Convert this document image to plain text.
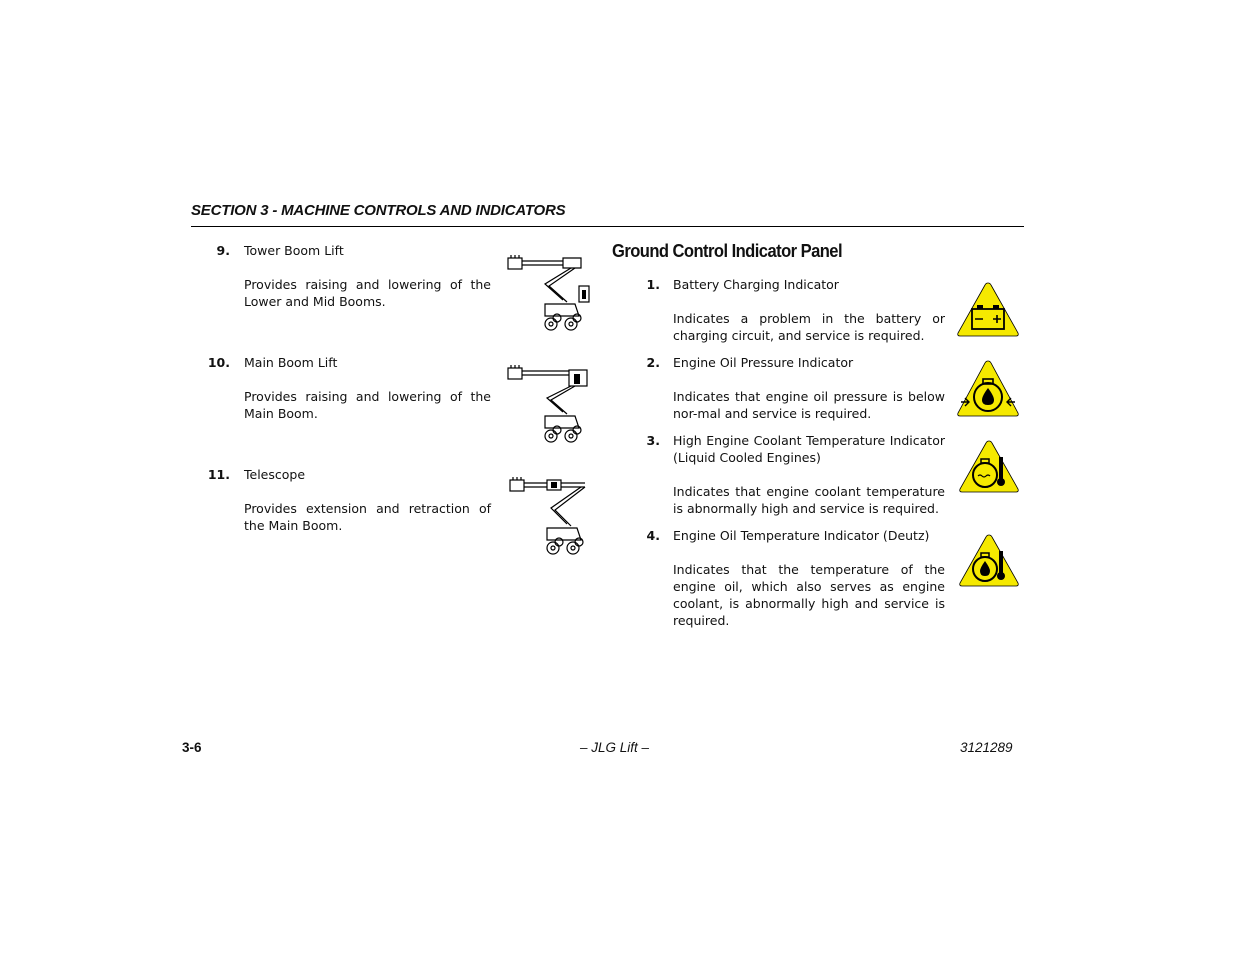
SECTION 3 - MACHINE CONTROLS AND INDICATORS
9. Tower Boom Lift
Provides raising and lowering of the Lower and Mid Booms.
10. Main Boom Lift
Provides raising and lowering of the Main Boom.
11. Telescope
Provides extension and retraction of the Main Boom.
Ground Control Indicator Panel
1. Battery Charging Indicator
Indicates a problem in the battery or charging circuit, and service is required.
2. Engine Oil Pressure Indicator
Indicates that engine oil pressure is below nor-mal and service is required.
3. High Engine Coolant Temperature Indicator (Liquid Cooled Engines)
Indicates that engine coolant temperature is abnormally high and service is required.
4. Engine Oil Temperature Indicator (Deutz)
Indicates that the temperature of the engine oil, which also serves as engine coolant, is abnormally high and service is required.
3-6	– JLG Lift –	3121289
